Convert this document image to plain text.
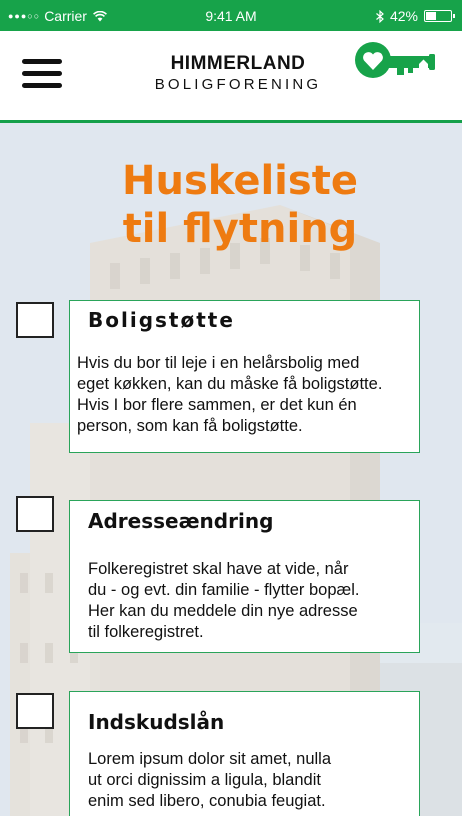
●●●○○ Carrier	9:41 AM	42%
HIMMERLAND
BOLIGFORENING
Huskeliste
til flytning
Boligstøtte
Hvis du bor til leje i en helårsbolig med
eget køkken, kan du måske få boligstøtte.
Hvis I bor flere sammen, er det kun én
person, som kan få boligstøtte.
Adresseændring
Folkeregistret skal have at vide, når
du - og evt. din familie - flytter bopæl.
Her kan du meddele din nye adresse
til folkeregistret.
Indskudslån
Lorem ipsum dolor sit amet, nulla
ut orci dignissim a ligula, blandit
enim sed libero, conubia feugiat.
